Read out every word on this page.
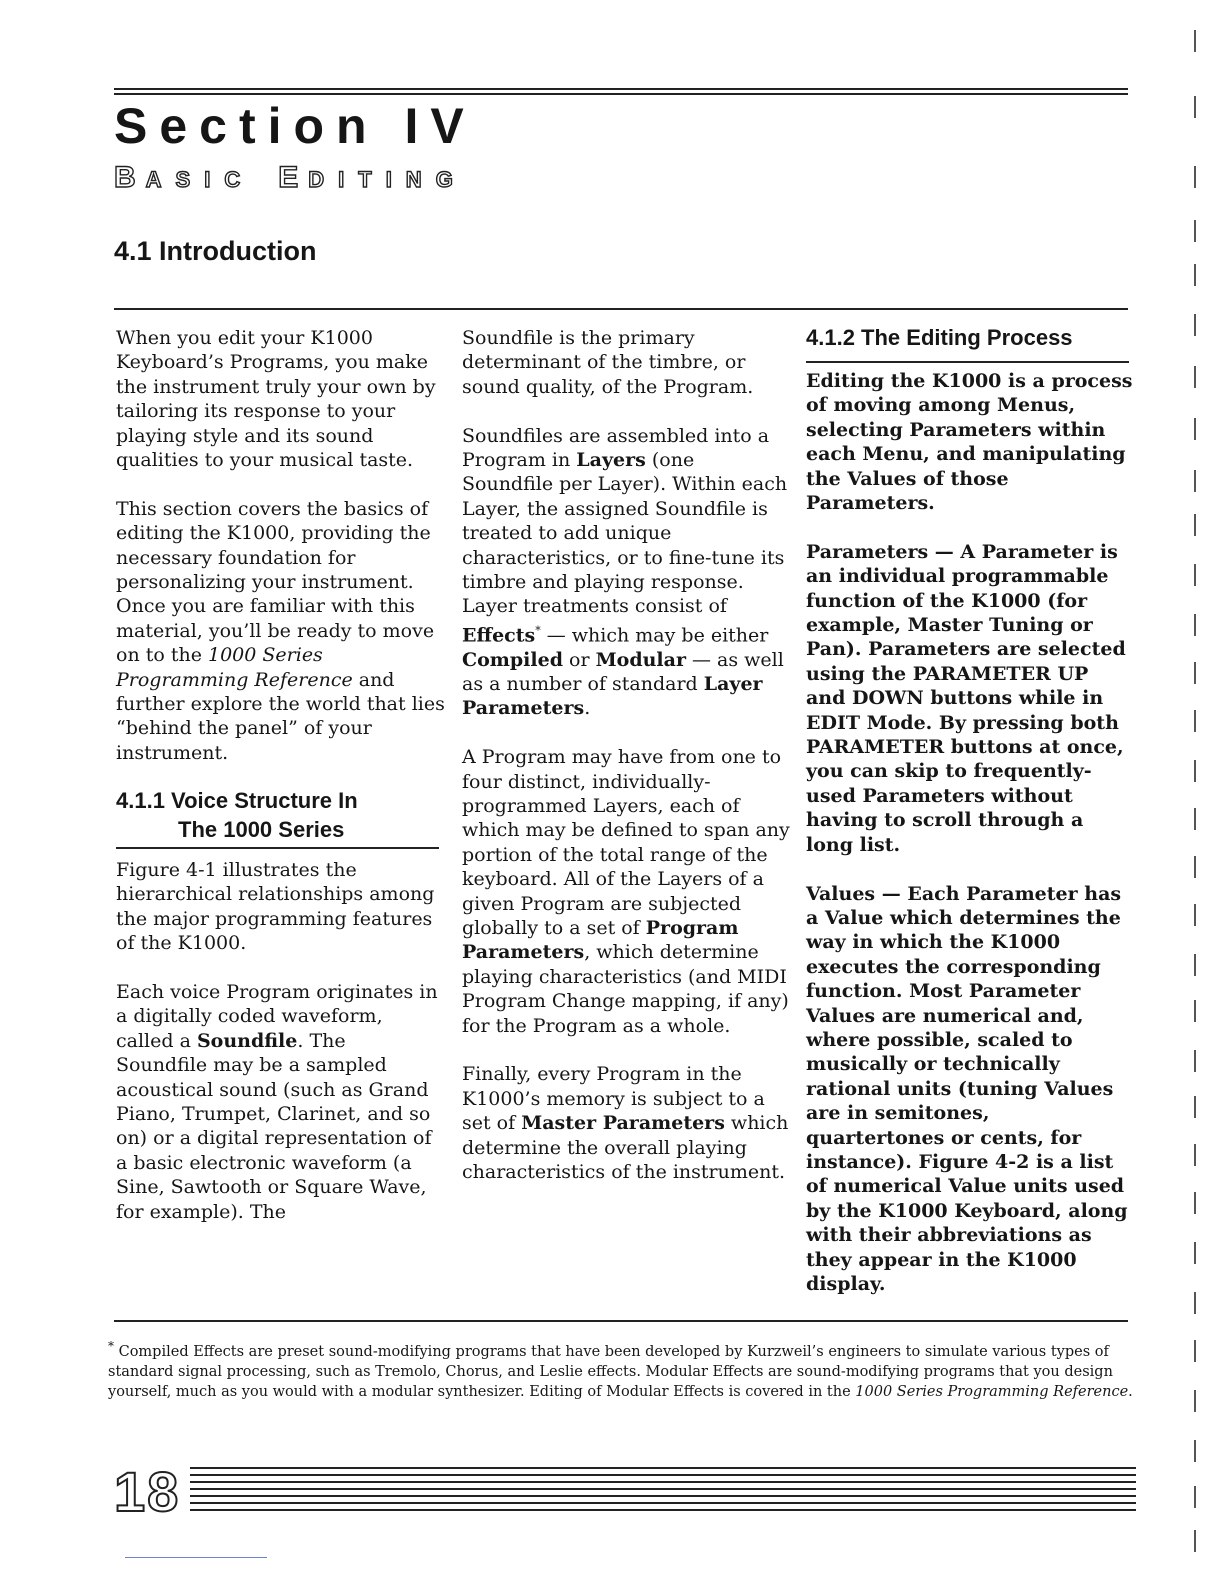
Section IV
BASIC EDITING
4.1 Introduction

When you edit your K1000 Keyboard’s Programs, you make the instrument truly your own by tailoring its response to your playing style and its sound qualities to your musical taste.

This section covers the basics of editing the K1000, providing the necessary foundation for personalizing your instrument. Once you are familiar with this material, you’ll be ready to move on to the 1000 Series Programming Reference and further explore the world that lies “behind the panel” of your instrument.

4.1.1 Voice Structure In
The 1000 Series

Figure 4-1 illustrates the hierarchical relationships among the major programming features of the K1000.

Each voice Program originates in a digitally coded waveform, called a Soundfile. The Soundfile may be a sampled acoustical sound (such as Grand Piano, Trumpet, Clarinet, and so on) or a digital representation of a basic electronic waveform (a Sine, Sawtooth or Square Wave, for example). The

Soundfile is the primary determinant of the timbre, or sound quality, of the Program.

Soundfiles are assembled into a Program in Layers (one Soundfile per Layer). Within each Layer, the assigned Soundfile is treated to add unique characteristics, or to fine-tune its timbre and playing response. Layer treatments consist of Effects* — which may be either Compiled or Modular — as well as a number of standard Layer Parameters.

A Program may have from one to four distinct, individually-programmed Layers, each of which may be defined to span any portion of the total range of the keyboard. All of the Layers of a given Program are subjected globally to a set of Program Parameters, which determine playing characteristics (and MIDI Program Change mapping, if any) for the Program as a whole.

Finally, every Program in the K1000’s memory is subject to a set of Master Parameters which determine the overall playing characteristics of the instrument.

4.1.2 The Editing Process

Editing the K1000 is a process of moving among Menus, selecting Parameters within each Menu, and manipulating the Values of those Parameters.

Parameters — A Parameter is an individual programmable function of the K1000 (for example, Master Tuning or Pan). Parameters are selected using the PARAMETER UP and DOWN buttons while in EDIT Mode. By pressing both PARAMETER buttons at once, you can skip to frequently-used Parameters without having to scroll through a long list.

Values — Each Parameter has a Value which determines the way in which the K1000 executes the corresponding function. Most Parameter Values are numerical and, where possible, scaled to musically or technically rational units (tuning Values are in semitones, quartertones or cents, for instance). Figure 4-2 is a list of numerical Value units used by the K1000 Keyboard, along with their abbreviations as they appear in the K1000 display.

* Compiled Effects are preset sound-modifying programs that have been developed by Kurzweil’s engineers to simulate various types of standard signal processing, such as Tremolo, Chorus, and Leslie effects. Modular Effects are sound-modifying programs that you design yourself, much as you would with a modular synthesizer. Editing of Modular Effects is covered in the 1000 Series Programming Reference.
18
